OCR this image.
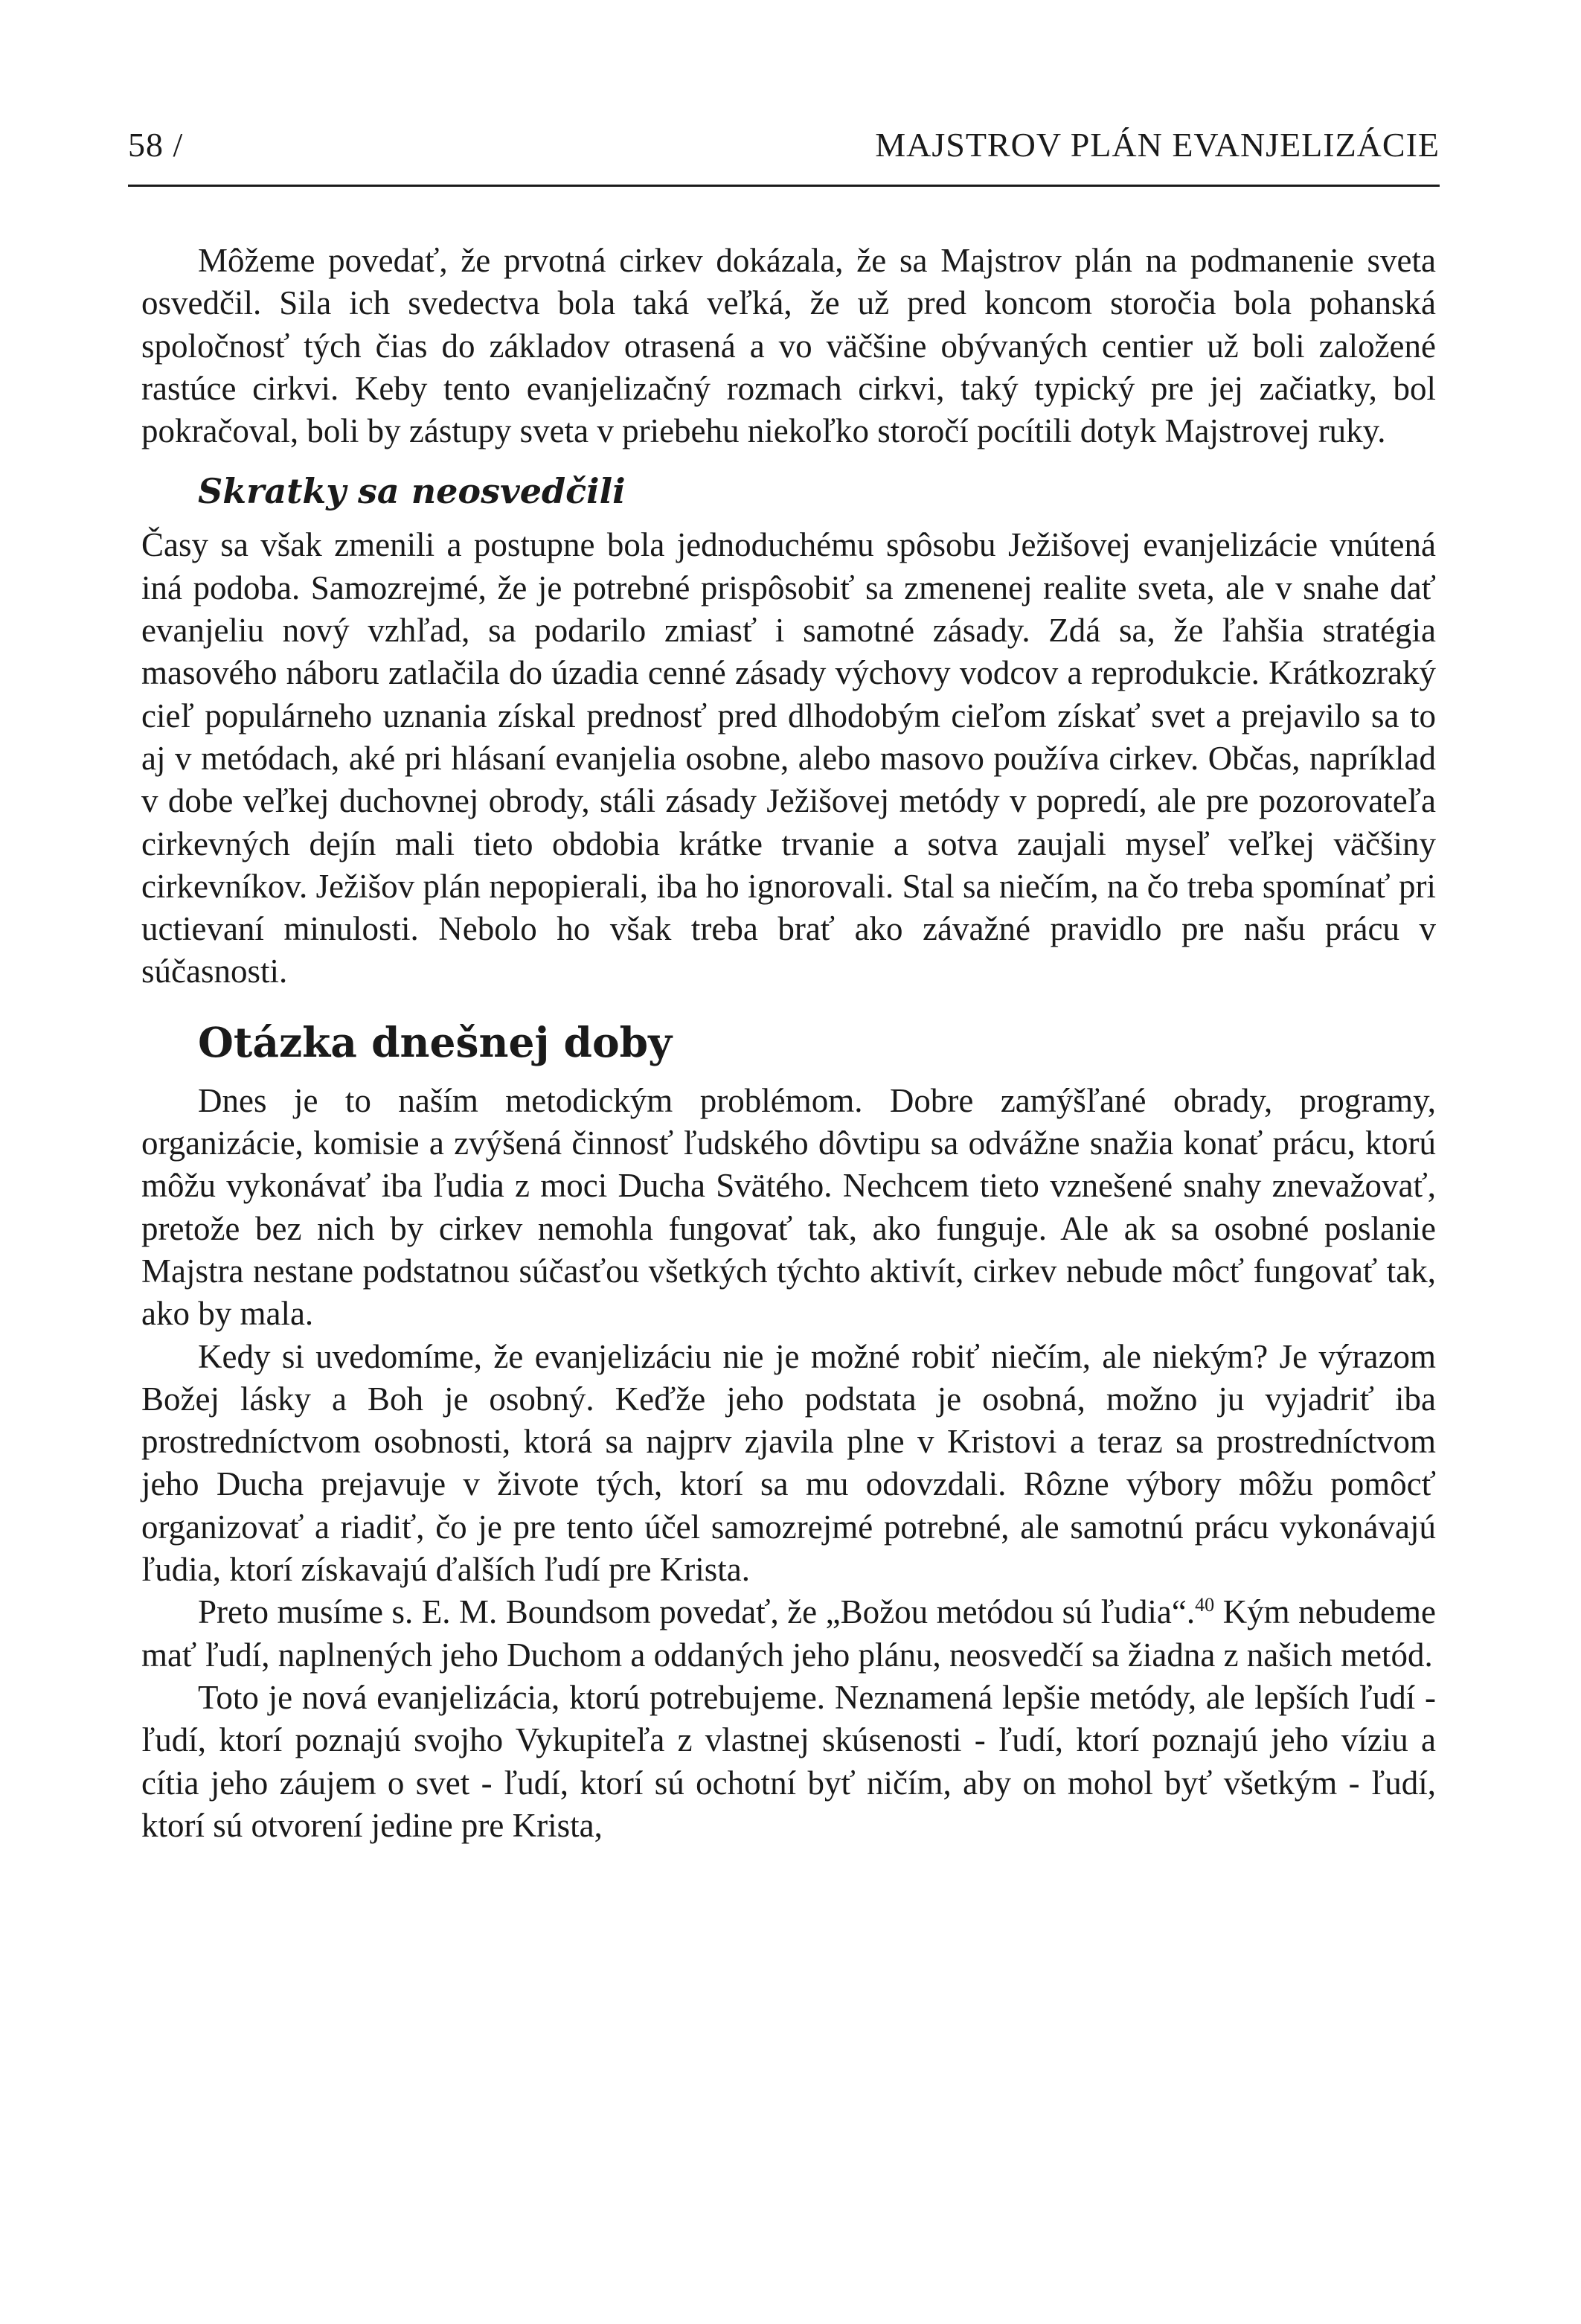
58 /	MAJSTROV PLÁN EVANJELIZÁCIE

Môžeme povedať, že prvotná cirkev dokázala, že sa Majstrov plán na podmanenie sveta osvedčil. Sila ich svedectva bola taká veľká, že už pred koncom storočia bola pohanská spoločnosť tých čias do základov otrasená a vo väčšine obývaných centier už boli založené rastúce cirkvi. Keby tento evanjelizačný rozmach cirkvi, taký typický pre jej začiatky, bol pokračoval, boli by zástupy sveta v priebehu niekoľko storočí pocítili dotyk Majstrovej ruky.

Skratky sa neosvedčili

Časy sa však zmenili a postupne bola jednoduchému spôsobu Ježišovej evanjelizácie vnútená iná podoba. Samozrejmé, že je potrebné prispôsobiť sa zmenenej realite sveta, ale v snahe dať evanjeliu nový vzhľad, sa podarilo zmiasť i samotné zásady. Zdá sa, že ľahšia stratégia masového náboru zatlačila do úzadia cenné zásady výchovy vodcov a reprodukcie. Krátkozraký cieľ populárneho uznania získal prednosť pred dlhodobým cieľom získať svet a prejavilo sa to aj v metódach, aké pri hlásaní evanjelia osobne, alebo masovo používa cirkev. Občas, napríklad v dobe veľkej duchovnej obrody, stáli zásady Ježišovej metódy v popredí, ale pre pozorovateľa cirkevných dejín mali tieto obdobia krátke trvanie a sotva zaujali myseľ veľkej väčšiny cirkevníkov. Ježišov plán nepopierali, iba ho ignorovali. Stal sa niečím, na čo treba spomínať pri uctievaní minulosti. Nebolo ho však treba brať ako závažné pravidlo pre našu prácu v súčasnosti.

Otázka dnešnej doby

Dnes je to naším metodickým problémom. Dobre zamýšľané obrady, programy, organizácie, komisie a zvýšená činnosť ľudského dôvtipu sa odvážne snažia konať prácu, ktorú môžu vykonávať iba ľudia z moci Ducha Svätého. Nechcem tieto vznešené snahy znevažovať, pretože bez nich by cirkev nemohla fungovať tak, ako funguje. Ale ak sa osobné poslanie Majstra nestane podstatnou súčasťou všetkých týchto aktivít, cirkev nebude môcť fungovať tak, ako by mala.

Kedy si uvedomíme, že evanjelizáciu nie je možné robiť niečím, ale niekým? Je výrazom Božej lásky a Boh je osobný. Keďže jeho podstata je osobná, možno ju vyjadriť iba prostredníctvom osobnosti, ktorá sa najprv zjavila plne v Kristovi a teraz sa prostredníctvom jeho Ducha prejavuje v živote tých, ktorí sa mu odovzdali. Rôzne výbory môžu pomôcť organizovať a riadiť, čo je pre tento účel samozrejmé potrebné, ale samotnú prácu vykonávajú ľudia, ktorí získavajú ďalších ľudí pre Krista.

Preto musíme s. E. M. Boundsom povedať, že „Božou metódou sú ľudia“.$^{40}$ Kým nebudeme mať ľudí, naplnených jeho Duchom a oddaných jeho plánu, neosvedčí sa žiadna z našich metód.

Toto je nová evanjelizácia, ktorú potrebujeme. Neznamená lepšie metódy, ale lepších ľudí - ľudí, ktorí poznajú svojho Vykupiteľa z vlastnej skúsenosti - ľudí, ktorí poznajú jeho víziu a cítia jeho záujem o svet - ľudí, ktorí sú ochotní byť ničím, aby on mohol byť všetkým - ľudí, ktorí sú otvorení jedine pre Krista,
